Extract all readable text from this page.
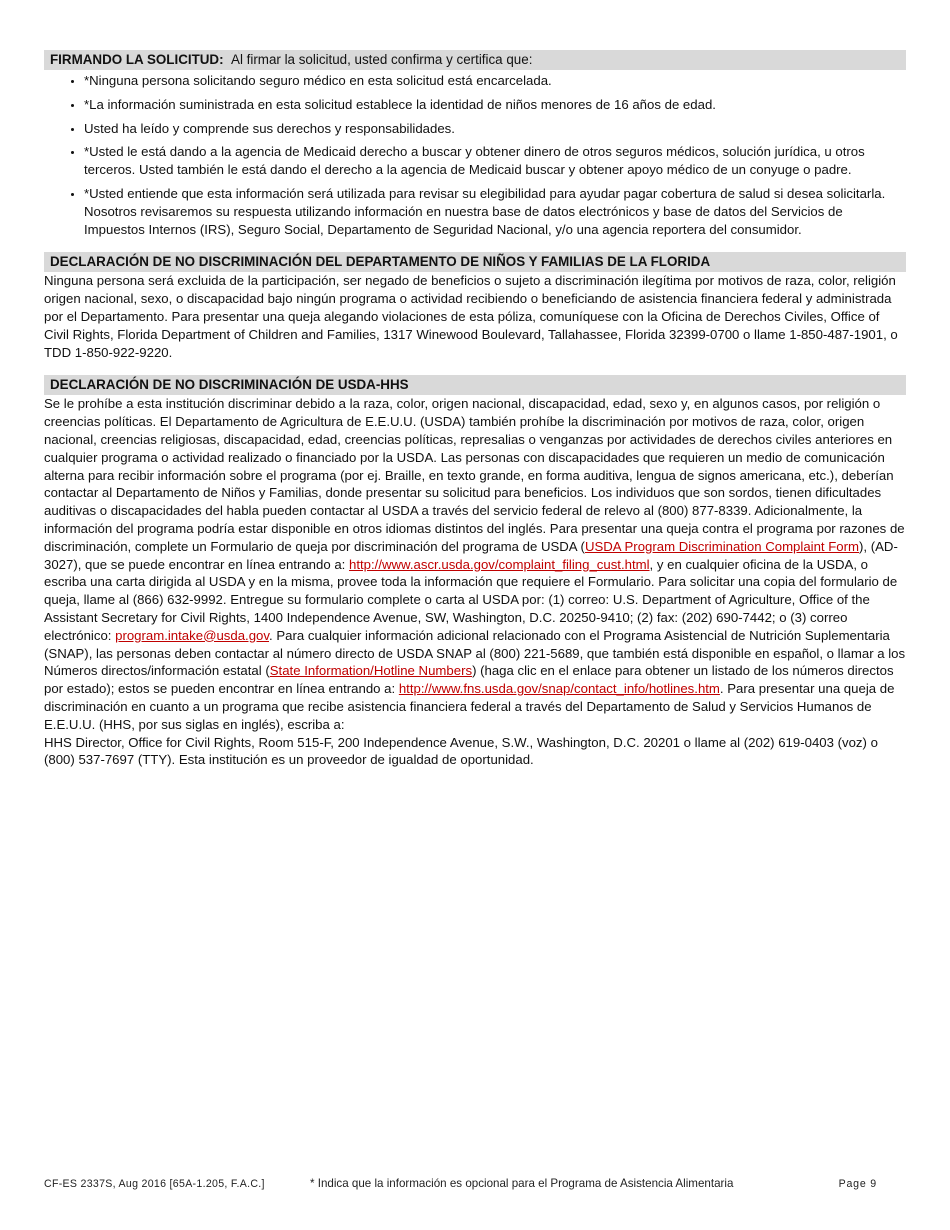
FIRMANDO LA SOLICITUD: Al firmar la solicitud, usted confirma y certifica que:
• *Ninguna persona solicitando seguro médico en esta solicitud está encarcelada.
• *La información suministrada en esta solicitud establece la identidad de niños menores de 16 años de edad.
• Usted ha leído y comprende sus derechos y responsabilidades.
• *Usted le está dando a la agencia de Medicaid derecho a buscar y obtener dinero de otros seguros médicos, solución jurídica, u otros terceros. Usted también le está dando el derecho a la agencia de Medicaid buscar y obtener apoyo médico de un conyuge o padre.
• *Usted entiende que esta información será utilizada para revisar su elegibilidad para ayudar pagar cobertura de salud si desea solicitarla. Nosotros revisaremos su respuesta utilizando información en nuestra base de datos electrónicos y base de datos del Servicios de Impuestos Internos (IRS), Seguro Social, Departamento de Seguridad Nacional, y/o una agencia reportera del consumidor.
DECLARACIÓN DE NO DISCRIMINACIÓN DEL DEPARTAMENTO DE NIÑOS Y FAMILIAS DE LA FLORIDA

Ninguna persona será excluida de la participación, ser negado de beneficios o sujeto a discriminación ilegítima por motivos de raza, color, religión origen nacional, sexo, o discapacidad bajo ningún programa o actividad recibiendo o beneficiando de asistencia financiera federal y administrada por el Departamento. Para presentar una queja alegando violaciones de esta póliza, comuníquese con la Oficina de Derechos Civiles, Office of Civil Rights, Florida Department of Children and Families, 1317 Winewood Boulevard, Tallahassee, Florida 32399-0700 o llame 1-850-487-1901, o
TDD 1-850-922-9220.

DECLARACIÓN DE NO DISCRIMINACIÓN DE USDA-HHS

Se le prohíbe a esta institución discriminar debido a la raza, color, origen nacional, discapacidad, edad, sexo y, en algunos casos, por religión o creencias políticas. El Departamento de Agricultura de E.E.U.U. (USDA) también prohíbe la discriminación por motivos de raza, color, origen nacional, creencias religiosas, discapacidad, edad, creencias políticas, represalias o venganzas por actividades de derechos civiles anteriores en cualquier programa o actividad realizado o financiado por la USDA. Las personas con discapacidades que requieren un medio de comunicación alterna para recibir información sobre el programa (por ej. Braille, en texto grande, en forma auditiva, lengua de signos americana, etc.), deberían contactar al Departamento de Niños y Familias, donde presentar su solicitud para beneficios. Los individuos que son sordos, tienen dificultades auditivas o discapacidades del habla pueden contactar al USDA a través del servicio federal de relevo al (800) 877-8339. Adicionalmente, la información del programa podría estar disponible en otros idiomas distintos del inglés. Para presentar una queja contra el programa por razones de discriminación, complete un Formulario de queja por discriminación del programa de USDA (USDA Program Discrimination Complaint Form), (AD-3027), que se puede encontrar en línea entrando a: http://www.ascr.usda.gov/complaint_filing_cust.html, y en cualquier oficina de la USDA, o escriba una carta dirigida al USDA y en la misma, provee toda la información que requiere el Formulario. Para solicitar una copia del formulario de queja, llame al (866) 632-9992. Entregue su formulario complete o carta al USDA por: (1) correo: U.S. Department of Agriculture, Office of the Assistant Secretary for Civil Rights, 1400 Independence Avenue, SW, Washington, D.C. 20250-9410; (2) fax: (202) 690-7442; o (3) correo electrónico: program.intake@usda.gov. Para cualquier información adicional relacionado con el Programa Asistencial de Nutrición Suplementaria (SNAP), las personas deben contactar al número directo de USDA SNAP al (800) 221-5689, que también está disponible en español, o llamar a los Números directos/información estatal (State Information/Hotline Numbers) (haga clic en el enlace para obtener un listado de los números directos por estado); estos se pueden encontrar en línea entrando a: http://www.fns.usda.gov/snap/contact_info/hotlines.htm. Para presentar una queja de discriminación en cuanto a un programa que recibe asistencia financiera federal a través del Departamento de Salud y Servicios Humanos de E.E.U.U. (HHS, por sus siglas en inglés), escriba a:
HHS Director, Office for Civil Rights, Room 515-F, 200 Independence Avenue, S.W., Washington, D.C. 20201 o llame al (202) 619-0403 (voz) o
(800) 537-7697 (TTY). Esta institución es un proveedor de igualdad de oportunidad.

CF-ES 2337S, Aug 2016 [65A-1.205, F.A.C.]	* Indica que la información es opcional para el Programa de Asistencia Alimentaria	Page 9
